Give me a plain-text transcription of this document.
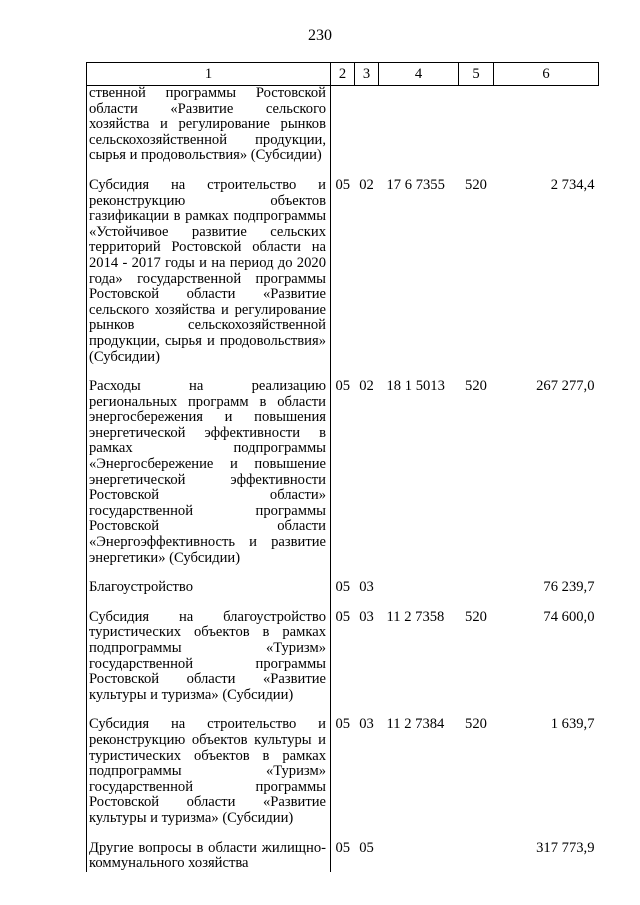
230
1	2	3	4	5	6
ственной программы Ростовской области «Развитие сельского хозяйства и регулирование рынков сельскохозяйственной продукции, сырья и продовольствия» (Субсидии)					
Субсидия на строительство и реконструкцию объектов газификации в рамках подпрограммы «Устойчивое развитие сельских территорий Ростовской области на 2014 - 2017 годы и на период до 2020 года» государственной программы Ростовской области «Развитие сельского хозяйства и регулирование рынков сельскохозяйственной продукции, сырья и продовольствия» (Субсидии)	05	02	17 6 7355	520	2 734,4
Расходы на реализацию региональных программ в области энергосбережения и повышения энергетической эффективности в рамках подпрограммы «Энергосбережение и повышение энергетической эффективности Ростовской области» государственной программы Ростовской области «Энергоэффективность и развитие энергетики» (Субсидии)	05	02	18 1 5013	520	267 277,0
Благоустройство	05	03			76 239,7
Субсидия на благоустройство туристических объектов в рамках подпрограммы «Туризм» государственной программы Ростовской области «Развитие культуры и туризма» (Субсидии)	05	03	11 2 7358	520	74 600,0
Субсидия на строительство и реконструкцию объектов культуры и туристических объектов в рамках подпрограммы «Туризм» государственной программы Ростовской области «Развитие культуры и туризма» (Субсидии)	05	03	11 2 7384	520	1 639,7
Другие вопросы в области жилищно-коммунального хозяйства	05	05			317 773,9
